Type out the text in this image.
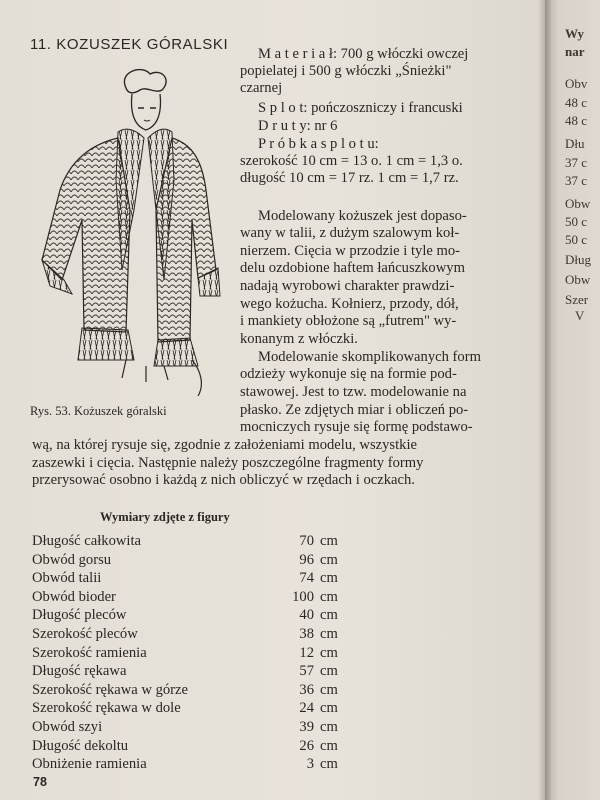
11. KOZUSZEK GÓRALSKI
Rys. 53. Kożuszek góralski
M a t e r i a ł: 700 g włóczki owczej
popielatej i 500 g włóczki „Śnieżki"
czarnej
S p l o t: pończoszniczy i francuski
D r u t y: nr 6
P r ó b k a s p l o t u:
szerokość 10 cm = 13 o. 1 cm = 1,3 o.
długość 10 cm = 17 rz. 1 cm = 1,7 rz.
Modelowany kożuszek jest dopaso-
wany w talii, z dużym szalowym koł-
nierzem. Cięcia w przodzie i tyle mo-
delu ozdobione haftem łańcuszkowym
nadają wyrobowi charakter prawdzi-
wego kożucha. Kołnierz, przody, dół,
i mankiety obłożone są „futrem" wy-
konanym z włóczki.
Modelowanie skomplikowanych form
odzieży wykonuje się na formie pod-
stawowej. Jest to tzw. modelowanie na
płasko. Ze zdjętych miar i obliczeń po-
mocniczych rysuje się formę podstawo-
wą, na której rysuje się, zgodnie z założeniami modelu, wszystkie
zaszewki i cięcia. Następnie należy poszczególne fragmenty formy
przerysować osobno i każdą z nich obliczyć w rzędach i oczkach.
Wymiary zdjęte z figury
Długość całkowita	70 cm
Obwód gorsu	96 cm
Obwód talii	74 cm
Obwód bioder	100 cm
Długość pleców	40 cm
Szerokość pleców	38 cm
Szerokość ramienia	12 cm
Długość rękawa	57 cm
Szerokość rękawa w górze	36 cm
Szerokość rękawa w dole	24 cm
Obwód szyi	39 cm
Długość dekoltu	26 cm
Obniżenie ramienia	3 cm
78
Wy
nar
Obv
48 c
48 c
Dłu
37 c
37 c
Obw
50 c
50 c
Dług
Obw
Szer
V
